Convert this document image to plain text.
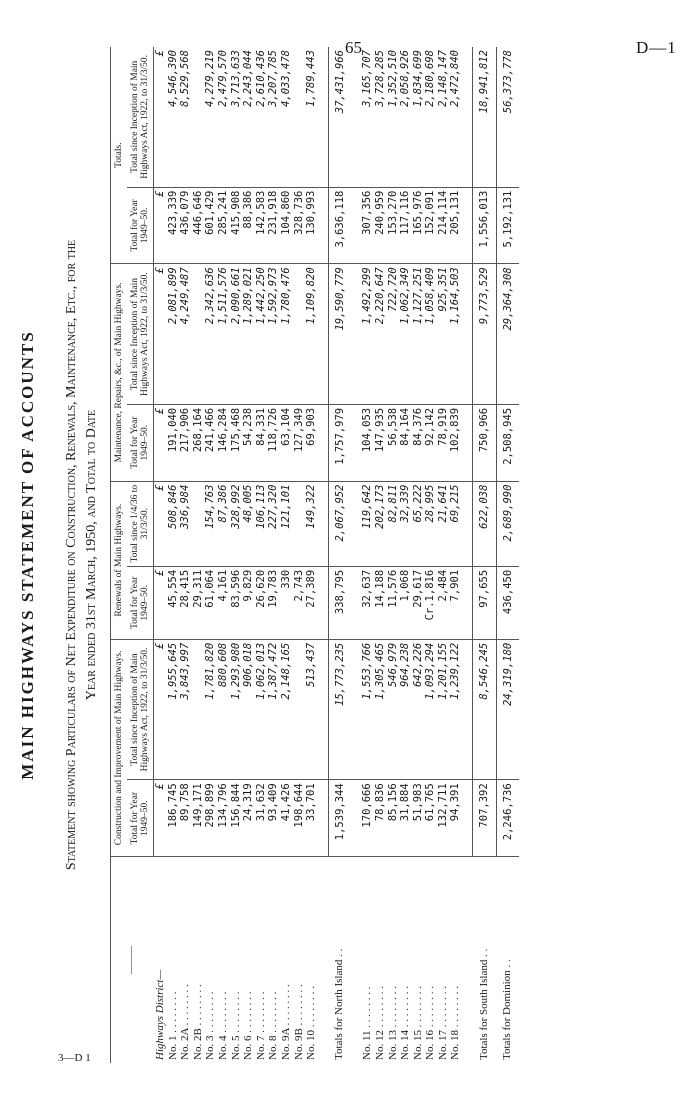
65	D—1
MAIN HIGHWAYS STATEMENT OF ACCOUNTS Statement showing Particulars of Net Expenditure on Construction, Renewals, Maintenance, Etc., for the Year ended 31st March, 1950, and Total to Date
———	Construction and Improvement of Main Highways.		Renewals of Main Highways.		Maintenance, Repairs, &c., of Main Highways.		Totals.	
	Total for Year 1949–50.	Total since Inception of Main Highways Act, 1922, to 31/3/50.	Total for Year 1949–50.	Total since 1/4/36 to 31/3/50.	Total for Year 1949–50.	Total since Inception of Main Highways Act, 1922, to 31/3/50.	Total for Year 1949–50.	Total since Inception of Main Highways Act, 1922, to 31/3/50.
Highways District—	£	£	£	£	£	£	£	£
No. 1 . . . . . . . .	186,745	1,955,645	45,554	508,846	191,040	2,081,899	423,339	4,546,390
No. 2A . . . . . . . .	89,758	3,843,997	28,415	336,984	217,906	4,249,487	436,079	8,529,568
No. 2B . . . . . . . .	149,171		29,311		268,164		446,646	
No. 3 . . . . . . . .	298,899	1,781,820	61,064	154,763	241,466	2,342,636	601,429	4,279,219
No. 4 . . . . . . . .	134,796	880,608	4,161	87,386	146,284	1,511,576	285,241	2,479,570
No. 5 . . . . . . . .	156,844	1,293,980	83,596	328,992	175,468	2,090,661	415,908	3,713,633
No. 6 . . . . . . . .	24,319	906,018	9,829	48,005	54,238	1,289,021	88,386	2,243,044
No. 7 . . . . . . . .	31,632	1,062,013	26,620	106,113	84,331	1,442,250	142,583	2,610,436
No. 8 . . . . . . . .	93,409	1,387,472	19,783	227,320	118,726	1,592,973	231,918	3,207,785
No. 9A . . . . . . . .	41,426	2,148,165	330	121,101	63,104	1,780,476	104,860	4,033,478
No. 9B . . . . . . . .	198,644		2,743		127,349		328,736	
No. 10 . . . . . . . .	33,701	513,437	27,389	149,322	69,903	1,109,820	130,993	1,789,443

Totals for North Island . .	1,539,344	15,773,235	338,795	2,067,952	1,757,979	19,590,779	3,636,118	37,431,966

No. 11 . . . . . . . .	170,666	1,553,766	32,637	119,642	104,053	1,492,299	307,356	3,165,707
No. 12 . . . . . . . .	78,836	1,305,465	14,188	202,173	147,935	2,220,647	240,959	3,728,285
No. 13 . . . . . . . .	85,156	546,979	11,576	82,811	56,538	722,720	153,270	1,352,510
No. 14 . . . . . . . .	31,884	964,238	1,068	32,339	84,164	1,062,349	117,116	2,058,926
No. 15 . . . . . . . .	51,983	642,226	29,617	65,222	84,376	1,127,251	165,976	1,834,699
No. 16 . . . . . . . .	61,765	1,093,294	Cr.1,816	28,995	92,142	1,058,409	152,091	2,180,698
No. 17 . . . . . . . .	132,711	1,201,155	2,484	21,641	78,919	925,351	214,114	2,148,147
No. 18 . . . . . . . .	94,391	1,239,122	7,901	69,215	102,839	1,164,503	205,131	2,472,840

Totals for South Island . .	707,392	8,546,245	97,655	622,038	750,966	9,773,529	1,556,013	18,941,812
Totals for Dominion . .	2,246,736	24,319,180	436,450	2,689,990	2,508,945	29,364,308	5,192,131	56,373,778
3—D 1
